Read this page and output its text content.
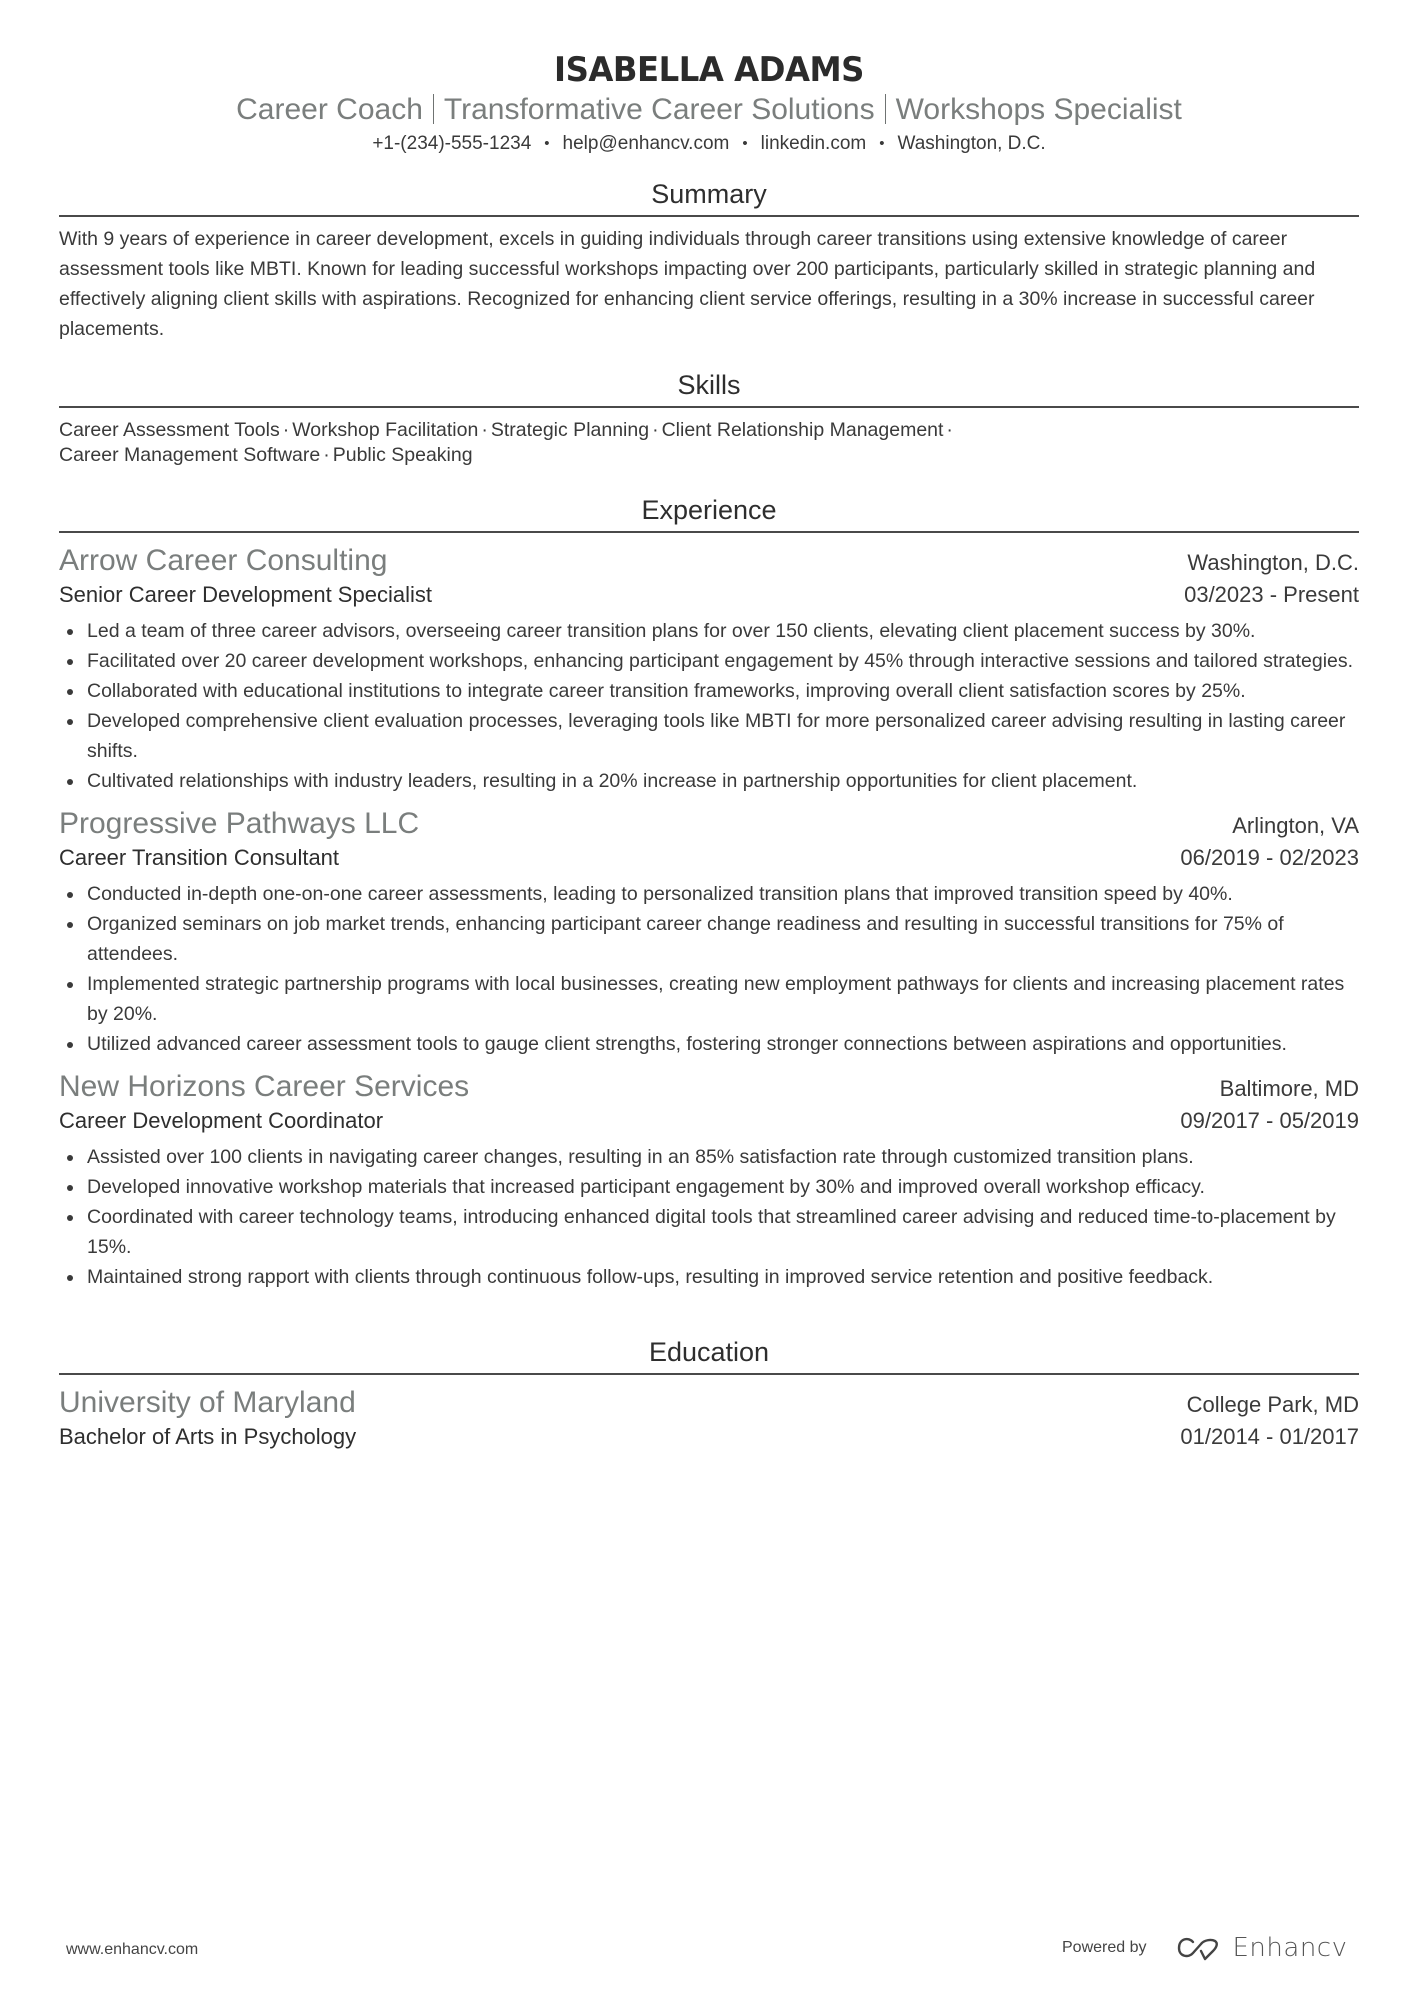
ISABELLA ADAMS
Career Coach Transformative Career Solutions Workshops Specialist
+1-(234)-555-1234 • help@enhancv.com • linkedin.com • Washington, D.C.
Summary

With 9 years of experience in career development, excels in guiding individuals through career transitions using extensive knowledge of career assessment tools like MBTI. Known for leading successful workshops impacting over 200 participants, particularly skilled in strategic planning and effectively aligning client skills with aspirations. Recognized for enhancing client service offerings, resulting in a 30% increase in successful career placements.

Skills
Career Assessment Tools · Workshop Facilitation · Strategic Planning · Client Relationship Management ·
Career Management Software · Public Speaking
Experience
Arrow Career Consulting	Washington, D.C.
Senior Career Development Specialist	03/2023 - Present
Led a team of three career advisors, overseeing career transition plans for over 150 clients, elevating client placement success by 30%.
Facilitated over 20 career development workshops, enhancing participant engagement by 45% through interactive sessions and tailored strategies.
Collaborated with educational institutions to integrate career transition frameworks, improving overall client satisfaction scores by 25%.
Developed comprehensive client evaluation processes, leveraging tools like MBTI for more personalized career advising resulting in lasting career shifts.
Cultivated relationships with industry leaders, resulting in a 20% increase in partnership opportunities for client placement.
Progressive Pathways LLC	Arlington, VA
Career Transition Consultant	06/2019 - 02/2023
Conducted in-depth one-on-one career assessments, leading to personalized transition plans that improved transition speed by 40%.
Organized seminars on job market trends, enhancing participant career change readiness and resulting in successful transitions for 75% of attendees.
Implemented strategic partnership programs with local businesses, creating new employment pathways for clients and increasing placement rates by 20%.
Utilized advanced career assessment tools to gauge client strengths, fostering stronger connections between aspirations and opportunities.
New Horizons Career Services	Baltimore, MD
Career Development Coordinator	09/2017 - 05/2019
Assisted over 100 clients in navigating career changes, resulting in an 85% satisfaction rate through customized transition plans.
Developed innovative workshop materials that increased participant engagement by 30% and improved overall workshop efficacy.
Coordinated with career technology teams, introducing enhanced digital tools that streamlined career advising and reduced time-to-placement by 15%.
Maintained strong rapport with clients through continuous follow-ups, resulting in improved service retention and positive feedback.
Education
University of Maryland	College Park, MD
Bachelor of Arts in Psychology	01/2014 - 01/2017
www.enhancv.com	Powered by	Enhancv
